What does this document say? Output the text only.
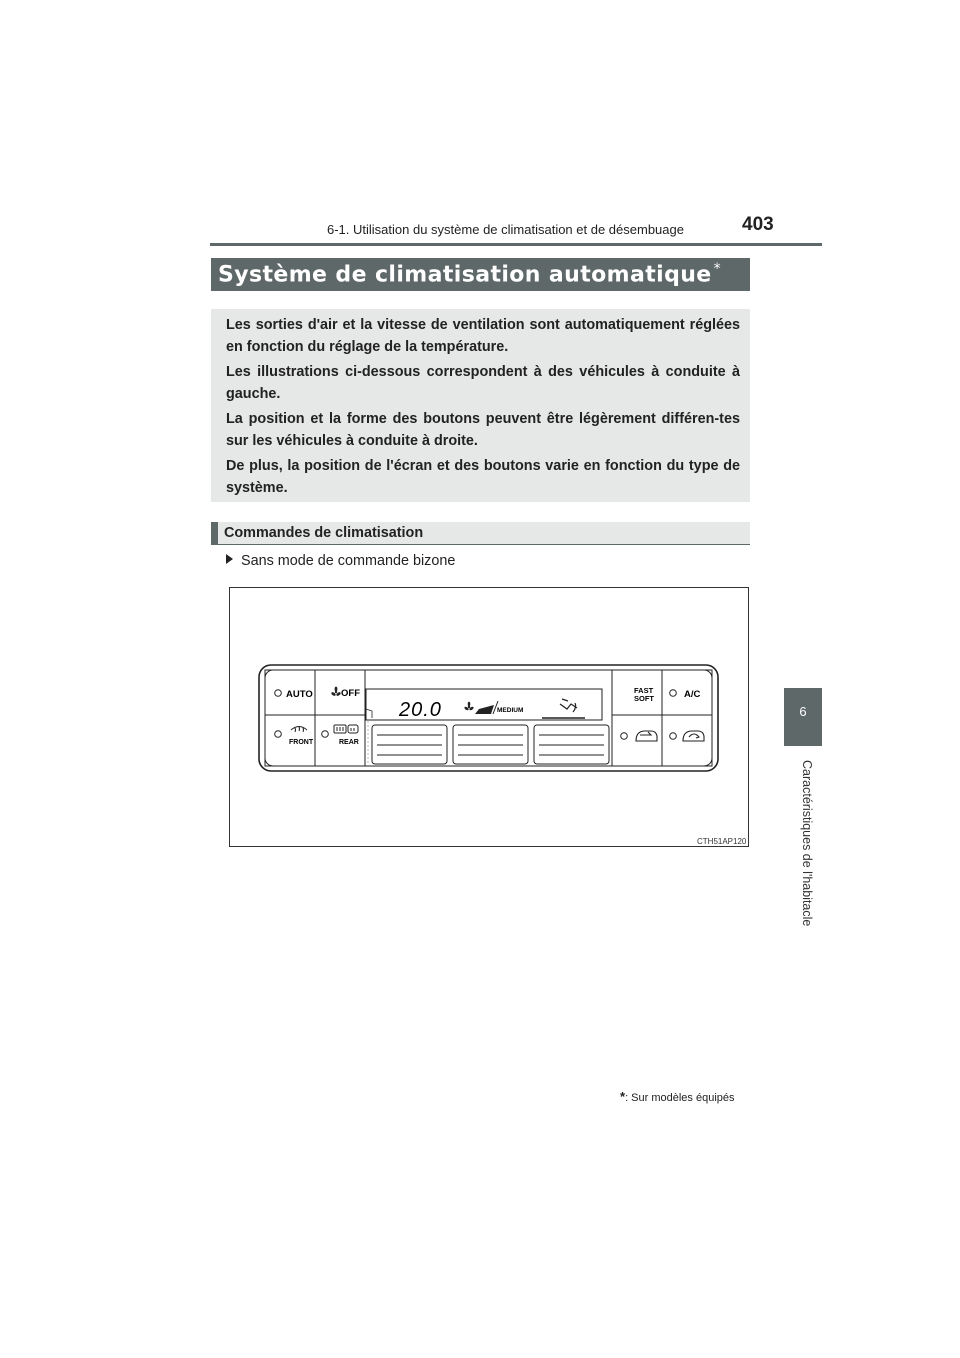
6-1. Utilisation du système de climatisation et de désembuage	403
6
Caractéristiques de l'habitacle
Système de climatisation automatique *

Les sorties d'air et la vitesse de ventilation sont automatiquement réglées en fonction du réglage de la température.

Les illustrations ci-dessous correspondent à des véhicules à conduite à gauche.

La position et la forme des boutons peuvent être légèrement différen-tes sur les véhicules à conduite à droite.

De plus, la position de l'écran et des boutons varie en fonction du type de système.

Commandes de climatisation
Sans mode de commande bizone
AUTO	OFF
FRONT	REAR
20.0	MEDIUM
FAST
SOFT	A/C
CTH51AP120
*: Sur modèles équipés
